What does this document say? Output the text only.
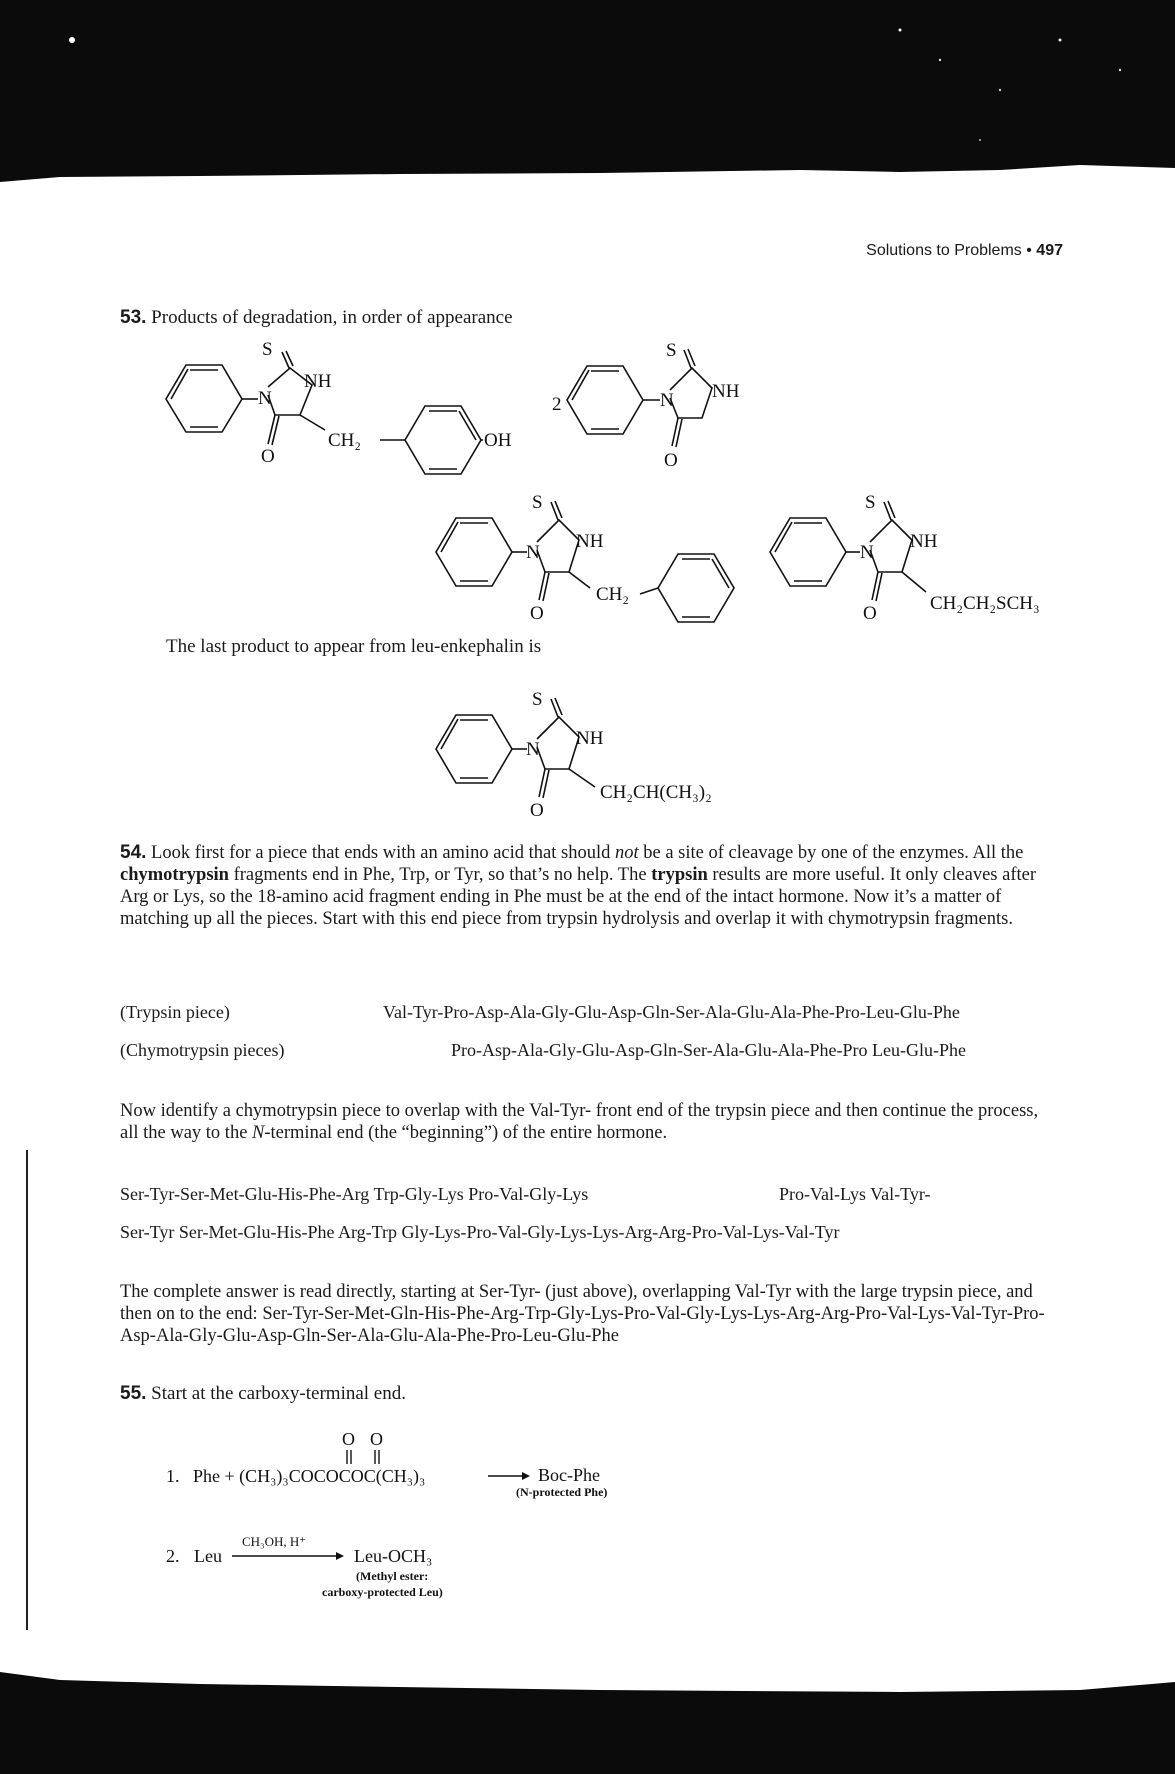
Solutions to Problems • 497
53. Products of degradation, in order of appearance
S
NH
N
O
CH₂	OH
2
S
NH
N
O
S
NH
N
O
CH₂
S
NH
N
O	CH₂CH₂SCH₃
S
NH
N
O
CH₂CH(CH₃)₂
The last product to appear from leu-enkephalin is
54. Look first for a piece that ends with an amino acid that should not be a site of cleavage by one of the enzymes. All the chymotrypsin fragments end in Phe, Trp, or Tyr, so that’s no help. The trypsin results are more useful. It only cleaves after Arg or Lys, so the 18-amino acid fragment ending in Phe must be at the end of the intact hormone. Now it’s a matter of matching up all the pieces. Start with this end piece from trypsin hydrolysis and overlap it with chymotrypsin fragments.
(Trypsin piece)	Val-Tyr-Pro-Asp-Ala-Gly-Glu-Asp-Gln-Ser-Ala-Glu-Ala-Phe-Pro-Leu-Glu-Phe
(Chymotrypsin pieces)	Pro-Asp-Ala-Gly-Glu-Asp-Gln-Ser-Ala-Glu-Ala-Phe-Pro Leu-Glu-Phe
Now identify a chymotrypsin piece to overlap with the Val-Tyr- front end of the trypsin piece and then continue the process, all the way to the N-terminal end (the “beginning”) of the entire hormone.
Ser-Tyr-Ser-Met-Glu-His-Phe-Arg Trp-Gly-Lys Pro-Val-Gly-Lys	Pro-Val-Lys Val-Tyr-
Ser-Tyr Ser-Met-Glu-His-Phe Arg-Trp Gly-Lys-Pro-Val-Gly-Lys-Lys-Arg-Arg-Pro-Val-Lys-Val-Tyr
The complete answer is read directly, starting at Ser-Tyr- (just above), overlapping Val-Tyr with the large trypsin piece, and then on to the end: Ser-Tyr-Ser-Met-Gln-His-Phe-Arg-Trp-Gly-Lys-Pro-Val-Gly-Lys-Lys-Arg-Arg-Pro-Val-Lys-Val-Tyr-Pro-Asp-Ala-Gly-Glu-Asp-Gln-Ser-Ala-Glu-Ala-Phe-Pro-Leu-Glu-Phe
55. Start at the carboxy-terminal end.
1. Phe + (CH₃)₃COCOCOC(CH₃)₃
O O
Boc-Phe
(N-protected Phe)
2. Leu
CH₃OH, H⁺
Leu-OCH₃
(Methyl ester:
carboxy-protected Leu)
